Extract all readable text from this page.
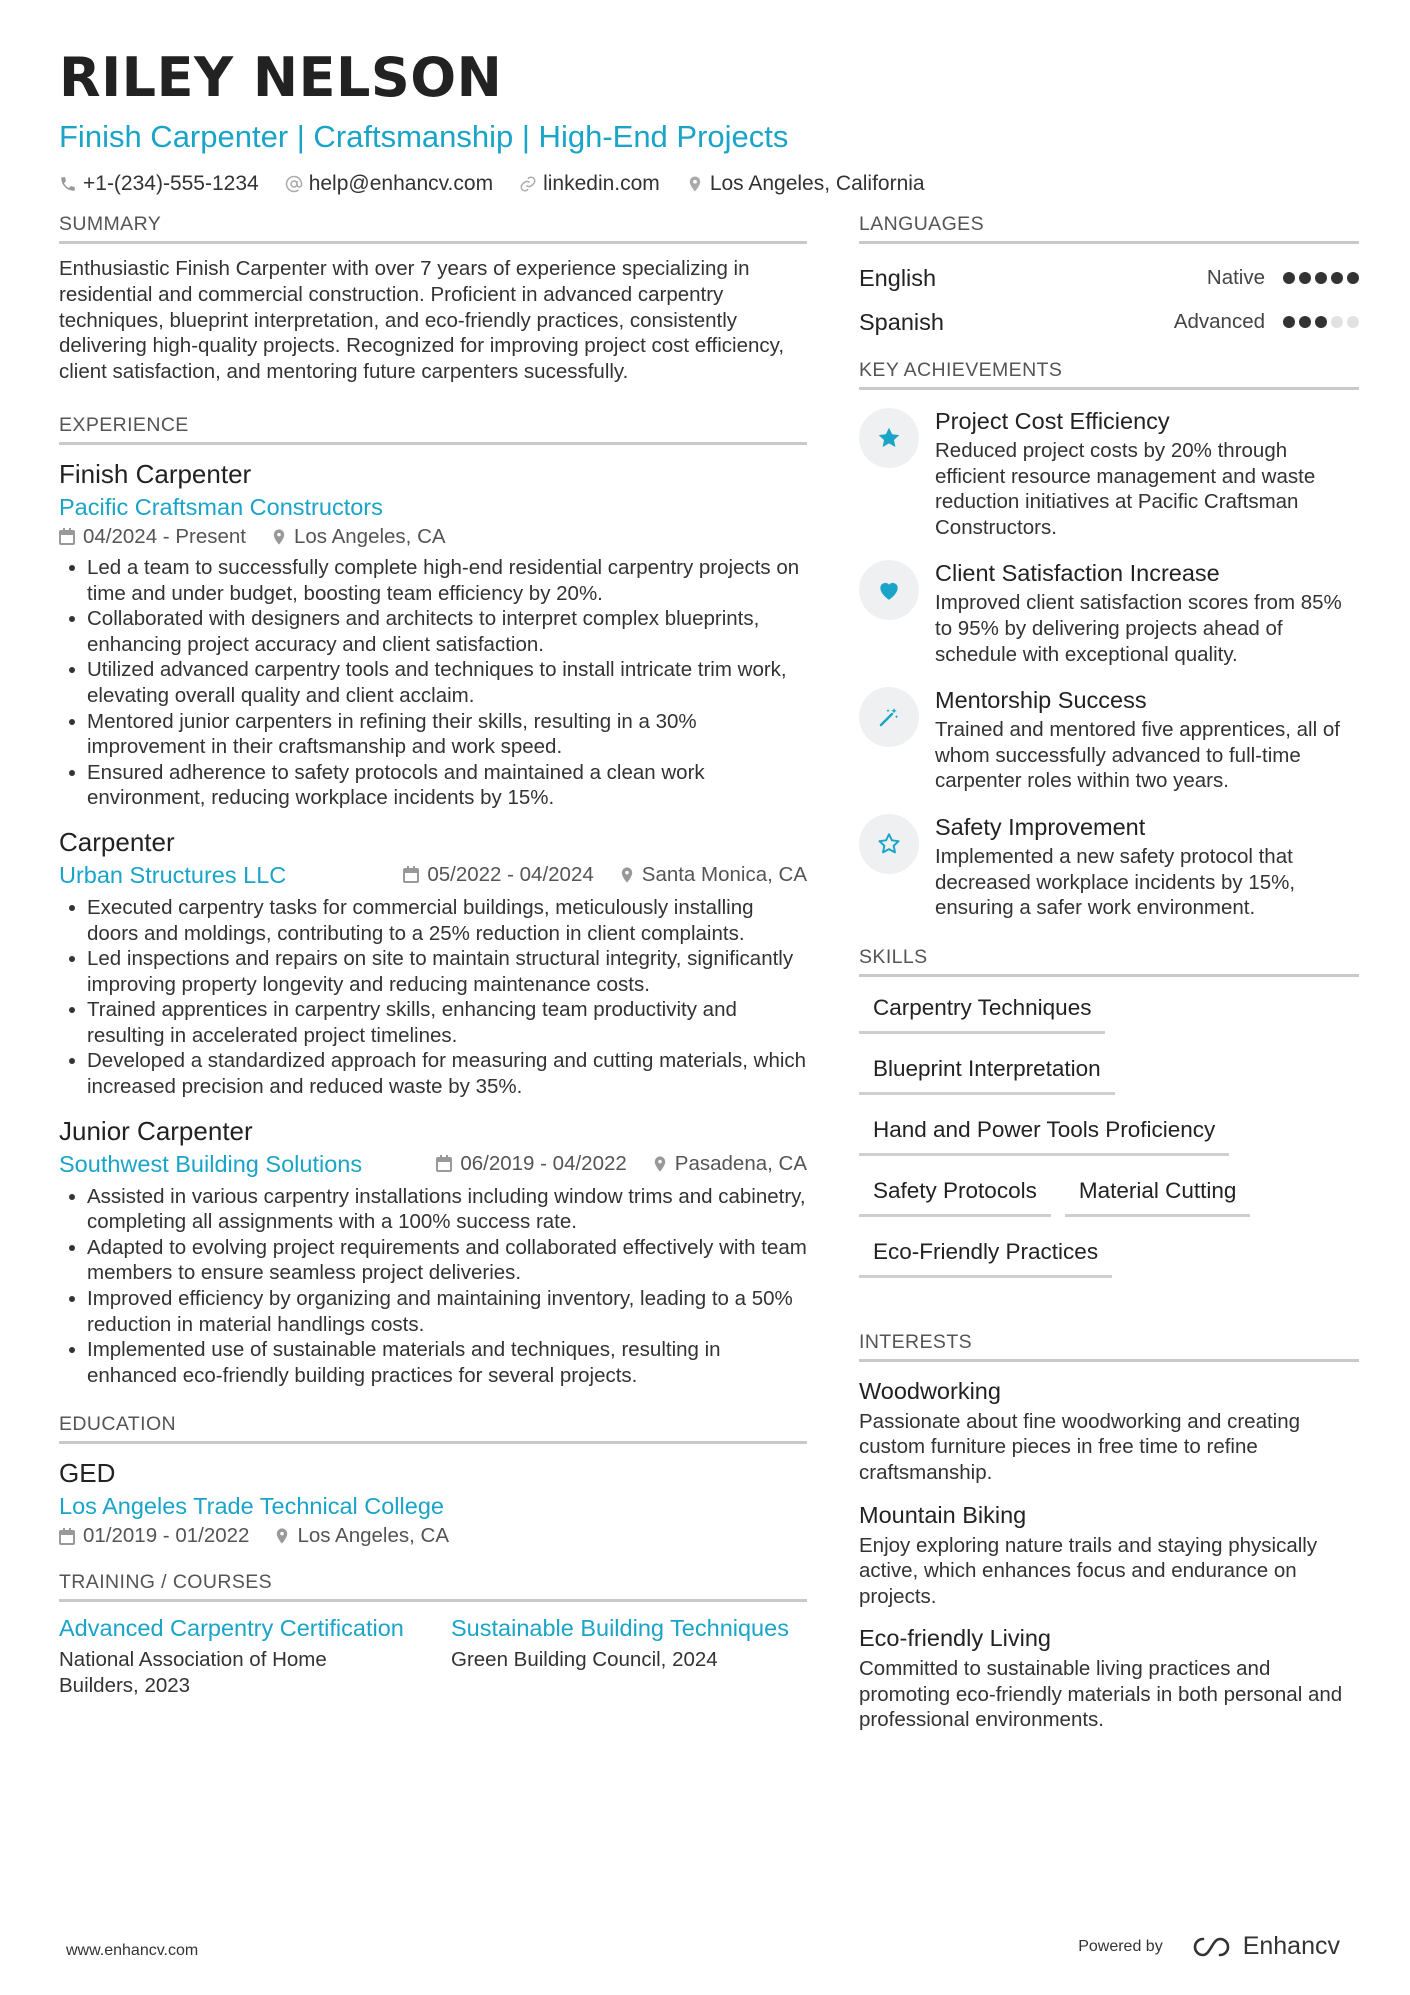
RILEY NELSON
Finish Carpenter | Craftsmanship | High-End Projects
+1-(234)-555-1234 help@enhancv.com linkedin.com Los Angeles, California
SUMMARY
Enthusiastic Finish Carpenter with over 7 years of experience specializing in residential and commercial construction. Proficient in advanced carpentry techniques, blueprint interpretation, and eco-friendly practices, consistently delivering high-quality projects. Recognized for improving project cost efficiency, client satisfaction, and mentoring future carpenters sucessfully.
EXPERIENCE
Finish Carpenter
Pacific Craftsman Constructors
04/2024 - Present Los Angeles, CA
Led a team to successfully complete high-end residential carpentry projects on time and under budget, boosting team efficiency by 20%.
Collaborated with designers and architects to interpret complex blueprints, enhancing project accuracy and client satisfaction.
Utilized advanced carpentry tools and techniques to install intricate trim work, elevating overall quality and client acclaim.
Mentored junior carpenters in refining their skills, resulting in a 30% improvement in their craftsmanship and work speed.
Ensured adherence to safety protocols and maintained a clean work environment, reducing workplace incidents by 15%.
Carpenter
Urban Structures LLC	05/2022 - 04/2024 Santa Monica, CA
Executed carpentry tasks for commercial buildings, meticulously installing doors and moldings, contributing to a 25% reduction in client complaints.
Led inspections and repairs on site to maintain structural integrity, significantly improving property longevity and reducing maintenance costs.
Trained apprentices in carpentry skills, enhancing team productivity and resulting in accelerated project timelines.
Developed a standardized approach for measuring and cutting materials, which increased precision and reduced waste by 35%.
Junior Carpenter
Southwest Building Solutions	06/2019 - 04/2022 Pasadena, CA
Assisted in various carpentry installations including window trims and cabinetry, completing all assignments with a 100% success rate.
Adapted to evolving project requirements and collaborated effectively with team members to ensure seamless project deliveries.
Improved efficiency by organizing and maintaining inventory, leading to a 50% reduction in material handlings costs.
Implemented use of sustainable materials and techniques, resulting in enhanced eco-friendly building practices for several projects.
EDUCATION
GED
Los Angeles Trade Technical College
01/2019 - 01/2022 Los Angeles, CA
TRAINING / COURSES
Advanced Carpentry Certification
National Association of Home Builders, 2023
Sustainable Building Techniques
Green Building Council, 2024
LANGUAGES
English	Native
Spanish	Advanced
KEY ACHIEVEMENTS
Project Cost Efficiency
Reduced project costs by 20% through efficient resource management and waste reduction initiatives at Pacific Craftsman Constructors.
Client Satisfaction Increase
Improved client satisfaction scores from 85% to 95% by delivering projects ahead of schedule with exceptional quality.
Mentorship Success
Trained and mentored five apprentices, all of whom successfully advanced to full-time carpenter roles within two years.
Safety Improvement
Implemented a new safety protocol that decreased workplace incidents by 15%, ensuring a safer work environment.
SKILLS
Carpentry Techniques
Blueprint Interpretation
Hand and Power Tools Proficiency
Safety Protocols	Material Cutting
Eco-Friendly Practices
INTERESTS
Woodworking
Passionate about fine woodworking and creating custom furniture pieces in free time to refine craftsmanship.
Mountain Biking
Enjoy exploring nature trails and staying physically active, which enhances focus and endurance on projects.
Eco-friendly Living
Committed to sustainable living practices and promoting eco-friendly materials in both personal and professional environments.
www.enhancv.com	Powered by	Enhancv
